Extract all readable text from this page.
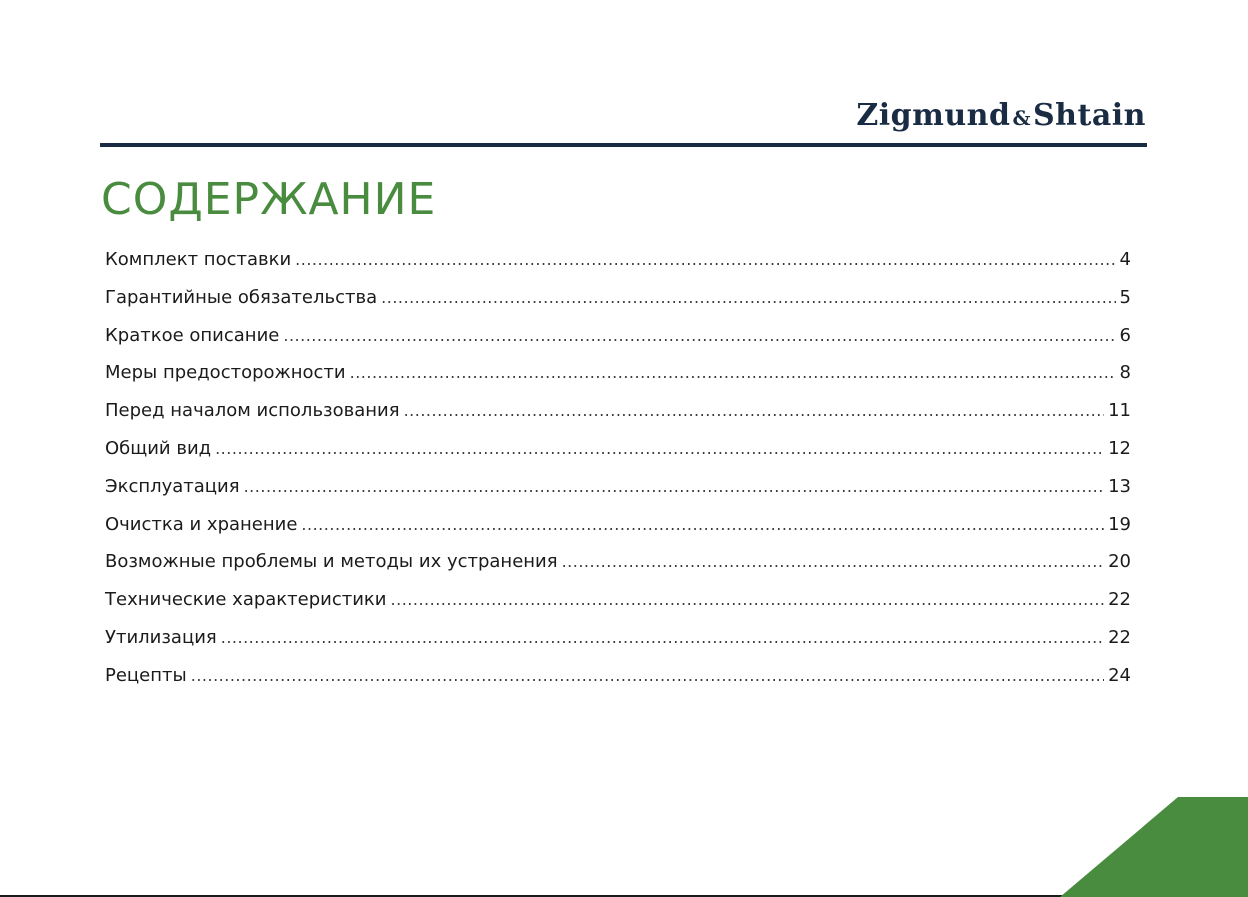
Zigmund &Shtain
СОДЕРЖАНИЕ
Комплект поставки .....	4
Гарантийные обязательства .....	5
Краткое описание .....	6
Меры предосторожности .....	8
Перед началом использования .....	11
Общий вид .....	12
Эксплуатация .....	13
Очистка и хранение .....	19
Возможные проблемы и методы их устранения .....	20
Технические характеристики .....	22
Утилизация .....	22
Рецепты .....	24
